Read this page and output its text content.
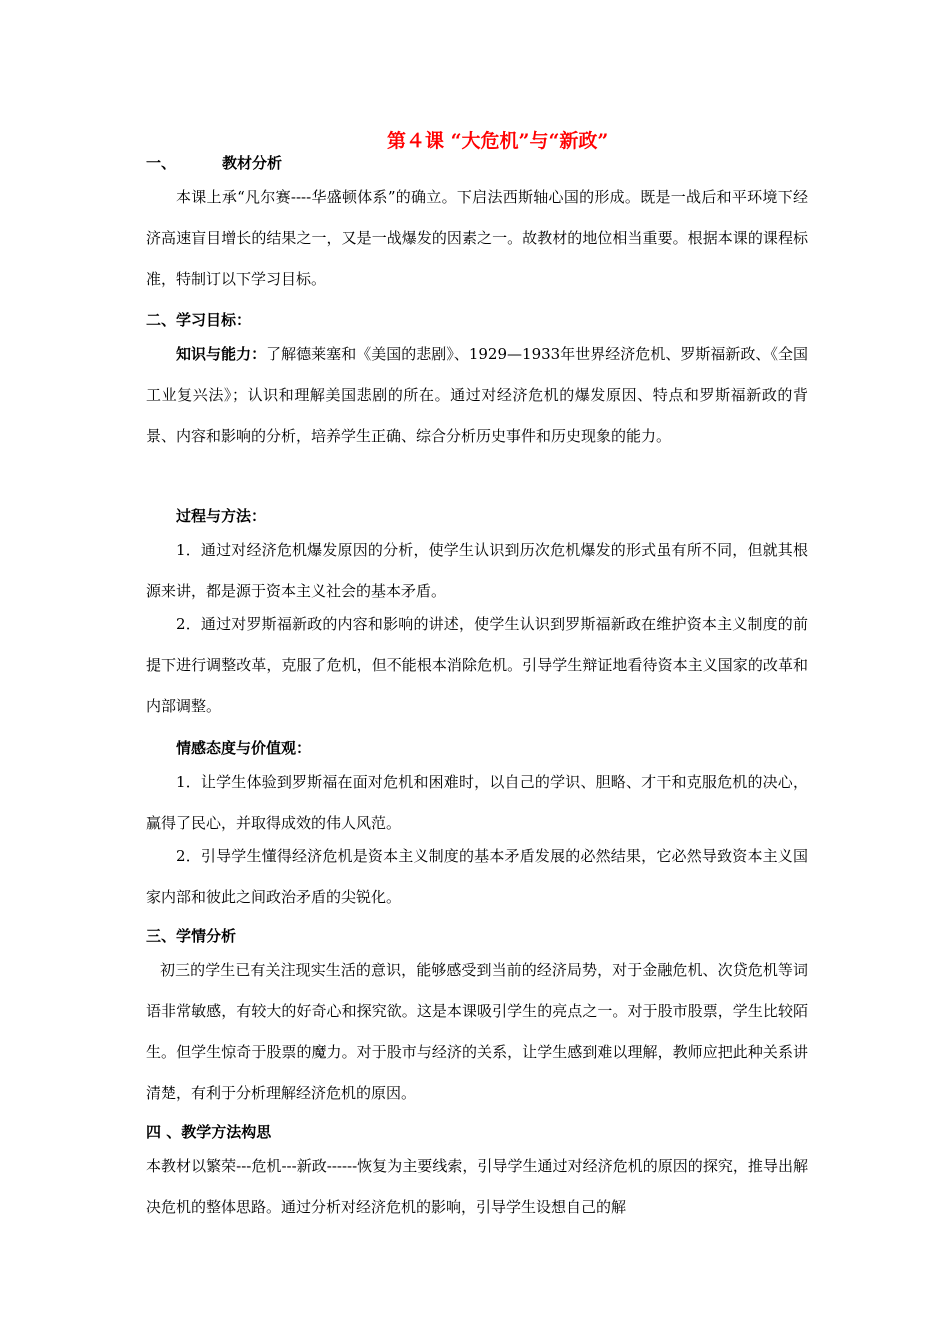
第４课 “大危机”与“新政”
一、	教材分析
本课上承“凡尔赛----华盛顿体系”的确立。下启法西斯轴心国的形成。既是一战后和平环境下经济高速盲目增长的结果之一，又是一战爆发的因素之一。故教材的地位相当重要。根据本课的课程标准，特制订以下学习目标。
二、学习目标：
知识与能力：了解德莱塞和《美国的悲剧》、1929—1933年世界经济危机、罗斯福新政、《全国工业复兴法》；认识和理解美国悲剧的所在。通过对经济危机的爆发原因、特点和罗斯福新政的背景、内容和影响的分析，培养学生正确、综合分析历史事件和历史现象的能力。
过程与方法：
1．通过对经济危机爆发原因的分析，使学生认识到历次危机爆发的形式虽有所不同，但就其根源来讲，都是源于资本主义社会的基本矛盾。
2．通过对罗斯福新政的内容和影响的讲述，使学生认识到罗斯福新政在维护资本主义制度的前提下进行调整改革，克服了危机，但不能根本消除危机。引导学生辩证地看待资本主义国家的改革和内部调整。
情感态度与价值观：
1．让学生体验到罗斯福在面对危机和困难时，以自己的学识、胆略、才干和克服危机的决心，赢得了民心，并取得成效的伟人风范。
2．引导学生懂得经济危机是资本主义制度的基本矛盾发展的必然结果，它必然导致资本主义国家内部和彼此之间政治矛盾的尖锐化。
三、学情分析
初三的学生已有关注现实生活的意识，能够感受到当前的经济局势，对于金融危机、次贷危机等词语非常敏感，有较大的好奇心和探究欲。这是本课吸引学生的亮点之一。对于股市股票，学生比较陌生。但学生惊奇于股票的魔力。对于股市与经济的关系，让学生感到难以理解，教师应把此种关系讲清楚，有利于分析理解经济危机的原因。
四 、教学方法构思
本教材以繁荣---危机---新政------恢复为主要线索，引导学生通过对经济危机的原因的探究，推导出解决危机的整体思路。通过分析对经济危机的影响，引导学生设想自己的解
